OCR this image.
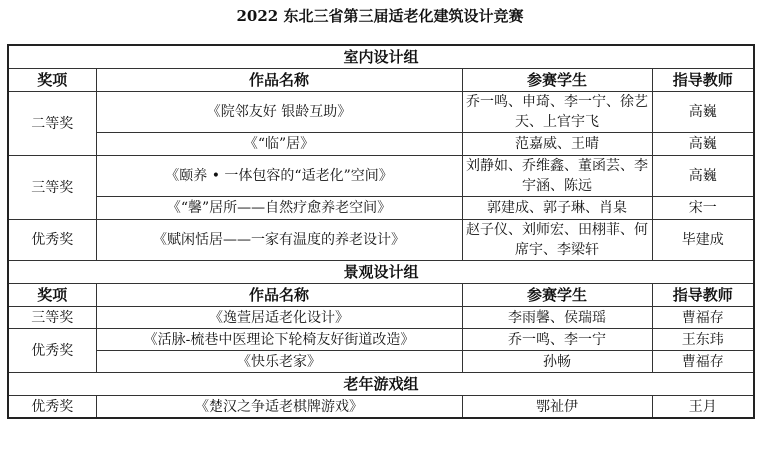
2022 东北三省第三届适老化建筑设计竞赛
室内设计组			
奖项	作品名称	参赛学生	指导教师
二等奖	《院邻友好 银龄互助》	乔一鸣、申琦、李一宁、徐艺天、上官宇飞	高巍
	《“临”居》	范嘉威、王晴	高巍
三等奖	《颐养 • 一体包容的“适老化”空间》	刘静如、乔维鑫、董函芸、李宇涵、陈远	高巍
	《“馨”居所——自然疗愈养老空间》	郭建成、郭子琳、肖臬	宋一
优秀奖	《赋闲恬居——一家有温度的养老设计》	赵子仪、刘师宏、田栩菲、何席宇、李梁轩	毕建成
景观设计组			
奖项	作品名称	参赛学生	指导教师
三等奖	《逸萱居适老化设计》	李雨馨、侯瑞瑶	曹福存
优秀奖	《活脉-梳巷中医理论下轮椅友好街道改造》	乔一鸣、李一宁	王东玮
	《快乐老家》	孙畅	曹福存
老年游戏组			
优秀奖	《楚汉之争适老棋牌游戏》	鄂祉伊	王月
